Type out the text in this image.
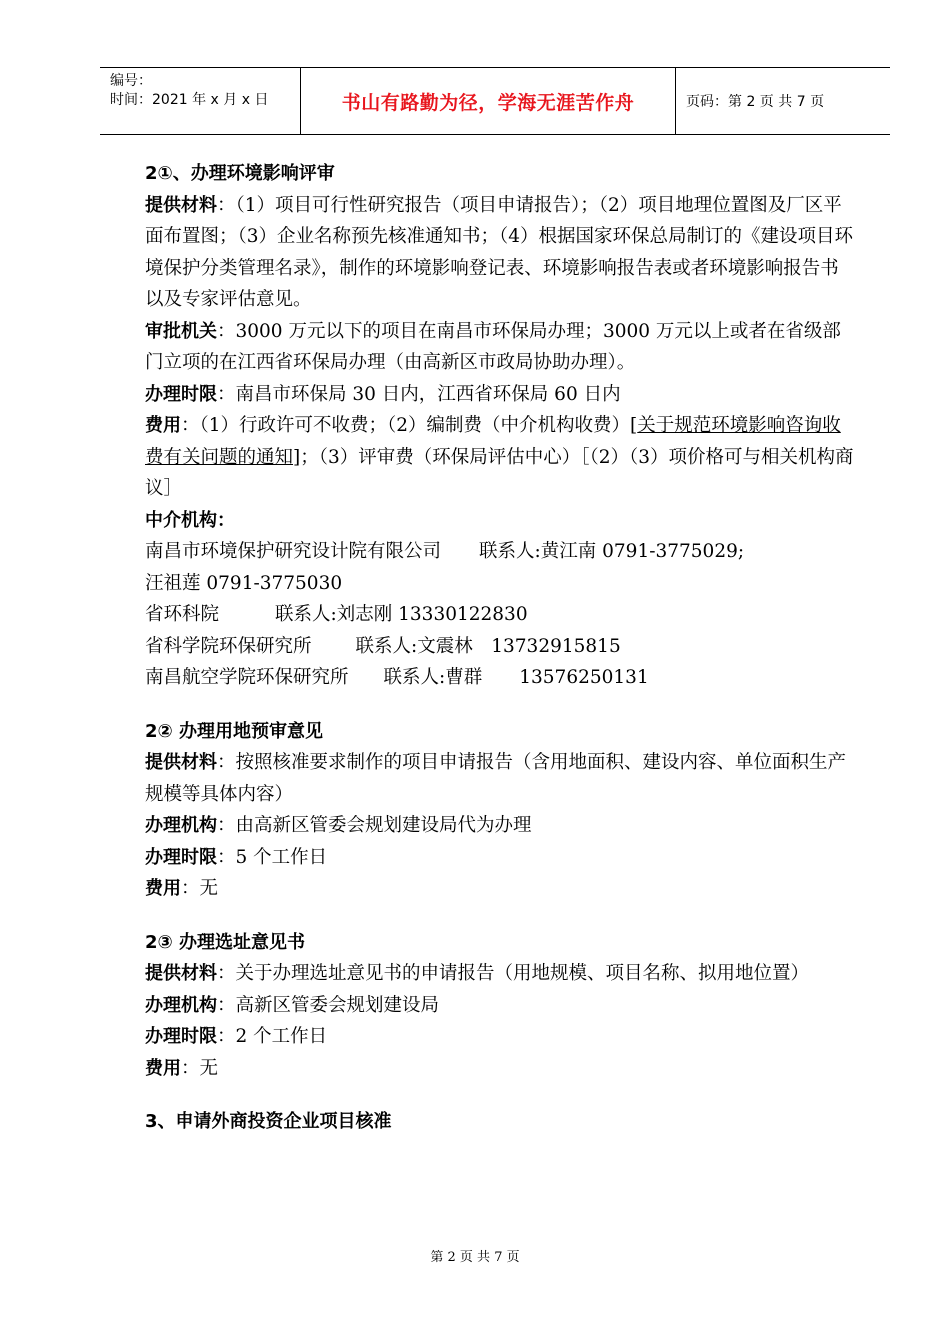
编号：
时间：2021 年 x 月 x 日	书山有路勤为径，学海无涯苦作舟	页码：第 2 页 共 7 页

2①、办理环境影响评审

提供材料：（1）项目可行性研究报告（项目申请报告）；（2）项目地理位置图及厂区平面布置图；（3）企业名称预先核准通知书；（4）根据国家环保总局制订的《建设项目环境保护分类管理名录》，制作的环境影响登记表、环境影响报告表或者环境影响报告书以及专家评估意见。

审批机关：3000 万元以下的项目在南昌市环保局办理；3000 万元以上或者在省级部门立项的在江西省环保局办理（由高新区市政局协助办理）。

办理时限：南昌市环保局 30 日内，江西省环保局 60 日内

费用：（1）行政许可不收费；（2）编制费（中介机构收费）[关于规范环境影响咨询收费有关问题的通知]；（3）评审费（环保局评估中心）［（2）（3）项价格可与相关机构商议］

中介机构：

南昌市环境保护研究设计院有限公司 联系人:黄江南 0791-3775029;

汪祖莲 0791-3775030

省环科院	联系人:刘志刚 13330122830

省科学院环保研究所 联系人:文震林　13732915815

南昌航空学院环保研究所 联系人:曹群　　13576250131

2② 办理用地预审意见

提供材料：按照核准要求制作的项目申请报告（含用地面积、建设内容、单位面积生产规模等具体内容）

办理机构：由高新区管委会规划建设局代为办理

办理时限：5 个工作日

费用：无

2③ 办理选址意见书

提供材料：关于办理选址意见书的申请报告（用地规模、项目名称、拟用地位置）

办理机构：高新区管委会规划建设局

办理时限：2 个工作日

费用：无

3、申请外商投资企业项目核准

第 2 页 共 7 页
